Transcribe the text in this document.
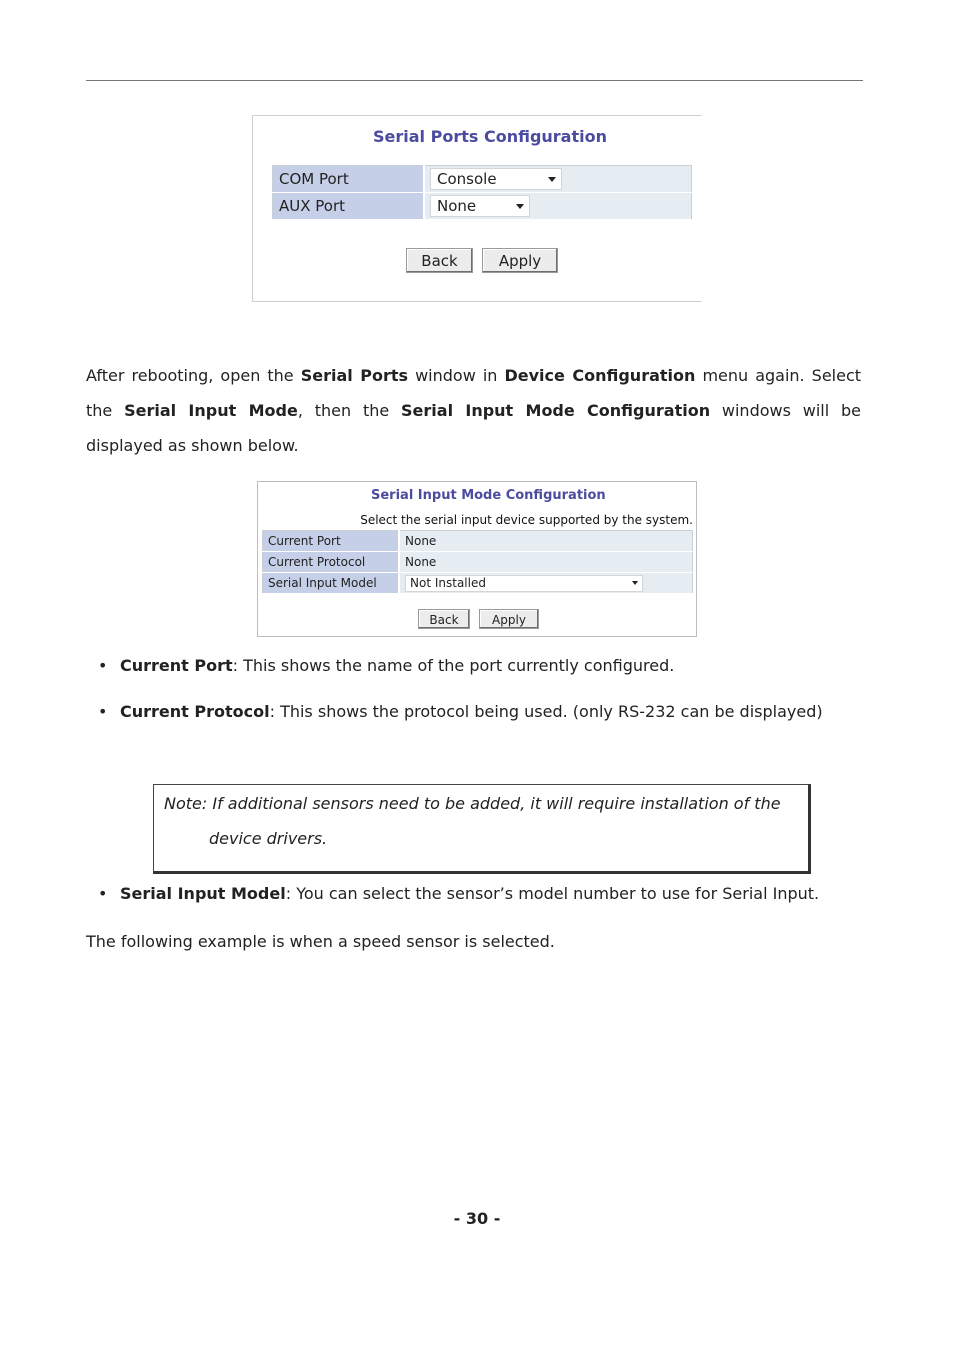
Serial Ports Configuration
COM Port	Console

AUX Port	None
Back	Apply
After rebooting, open the Serial Ports window in Device Configuration menu again. Select the Serial Input Mode, then the Serial Input Mode Configuration windows will be displayed as shown below.
Serial Input Mode Configuration
Select the serial input device supported by the system.
Current Port	None
Current Protocol	None
Serial Input Model	Not Installed
Back	Apply
• Current Port: This shows the name of the port currently configured.
• Current Protocol: This shows the protocol being used. (only RS-232 can be displayed)
Note: If additional sensors need to be added, it will require installation of the
device drivers.
• Serial Input Model: You can select the sensor’s model number to use for Serial Input.
The following example is when a speed sensor is selected.
- 30 -
